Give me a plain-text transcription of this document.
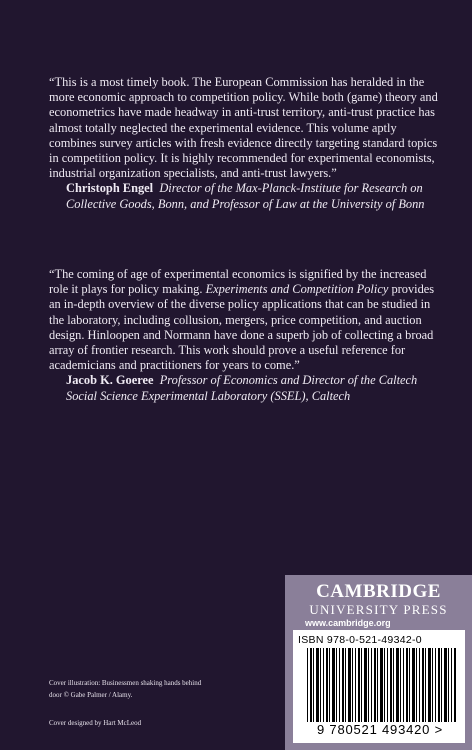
“This is a most timely book. The European Commission has heralded in the more economic approach to competition policy. While both (game) theory and econometrics have made headway in anti-trust territory, anti-trust practice has almost totally neglected the experimental evidence. This volume aptly combines survey articles with fresh evidence directly targeting standard topics in competition policy. It is highly recommended for experimental economists, industrial organization specialists, and anti-trust lawyers.”

Christoph Engel Director of the Max-Planck-Institute for Research on Collective Goods, Bonn, and Professor of Law at the University of Bonn

“The coming of age of experimental economics is signified by the increased role it plays for policy making. Experiments and Competition Policy provides an in-depth overview of the diverse policy applications that can be studied in the laboratory, including collusion, mergers, price competition, and auction design. Hinloopen and Normann have done a superb job of collecting a broad array of frontier research. This work should prove a useful reference for academicians and practitioners for years to come.”

Jacob K. Goeree Professor of Economics and Director of the Caltech Social Science Experimental Laboratory (SSEL), Caltech

Cover illustration: Businessmen shaking hands behind door © Gabe Palmer / Alamy.
Cover designed by Hart McLeod
CAMBRIDGE
UNIVERSITY PRESS
www.cambridge.org
ISBN 978-0-521-49342-0
9 780521 493420 >
